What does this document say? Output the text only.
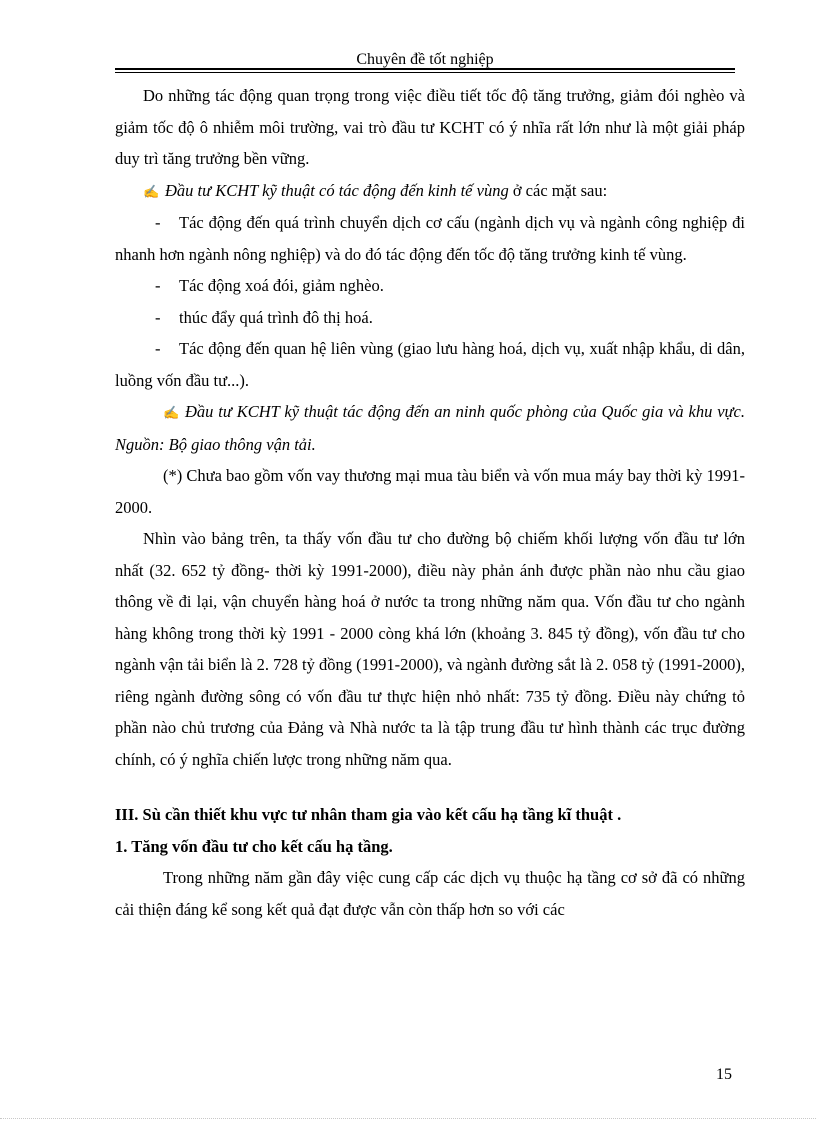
Chuyên đề tốt nghiệp

Do những tác động quan trọng trong việc điều tiết tốc độ tăng trưởng, giảm đói nghèo và giảm tốc độ ô nhiễm môi trường, vai trò đầu tư KCHT có ý nhĩa rất lớn như là một giải pháp duy trì tăng trưởng bền vững.

✍ Đầu tư KCHT kỹ thuật có tác động đến kinh tế vùng ở các mặt sau:

- Tác động đến quá trình chuyển dịch cơ cấu (ngành dịch vụ và ngành công nghiệp đi nhanh hơn ngành nông nghiệp) và do đó tác động đến tốc độ tăng trưởng kinh tế vùng.

- Tác động xoá đói, giảm nghèo.

- thúc đẩy quá trình đô thị hoá.

- Tác động đến quan hệ liên vùng (giao lưu hàng hoá, dịch vụ, xuất nhập khẩu, di dân, luồng vốn đầu tư...).

✍ Đầu tư KCHT kỹ thuật tác động đến an ninh quốc phòng của Quốc gia và khu vực. Nguồn: Bộ giao thông vận tải.

(*) Chưa bao gồm vốn vay thương mại mua tàu biển và vốn mua máy bay thời kỳ 1991-2000.

Nhìn vào bảng trên, ta thấy vốn đầu tư cho đường bộ chiếm khối lượng vốn đầu tư lớn nhất (32. 652 tỷ đồng- thời kỳ 1991-2000), điều này phản ánh được phần nào nhu cầu giao thông về đi lại, vận chuyển hàng hoá ở nước ta trong những năm qua. Vốn đầu tư cho ngành hàng không trong thời kỳ 1991 - 2000 còng khá lớn (khoảng 3. 845 tỷ đồng), vốn đầu tư cho ngành vận tải biển là 2. 728 tỷ đồng (1991-2000), và ngành đường sắt là 2. 058 tỷ (1991-2000), riêng ngành đường sông có vốn đầu tư thực hiện nhỏ nhất: 735 tỷ đồng. Điều này chứng tỏ phần nào chủ trương của Đảng và Nhà nước ta là tập trung đầu tư hình thành các trục đường chính, có ý nghĩa chiến lược trong những năm qua.

III. Sù cần thiết khu vực tư nhân tham gia vào kết cấu hạ tầng kĩ thuật .

1. Tăng vốn đầu tư cho kết cấu hạ tầng.

Trong những năm gần đây việc cung cấp các dịch vụ thuộc hạ tầng cơ sở đã có những cải thiện đáng kể song kết quả đạt được vẫn còn thấp hơn so với các

15
